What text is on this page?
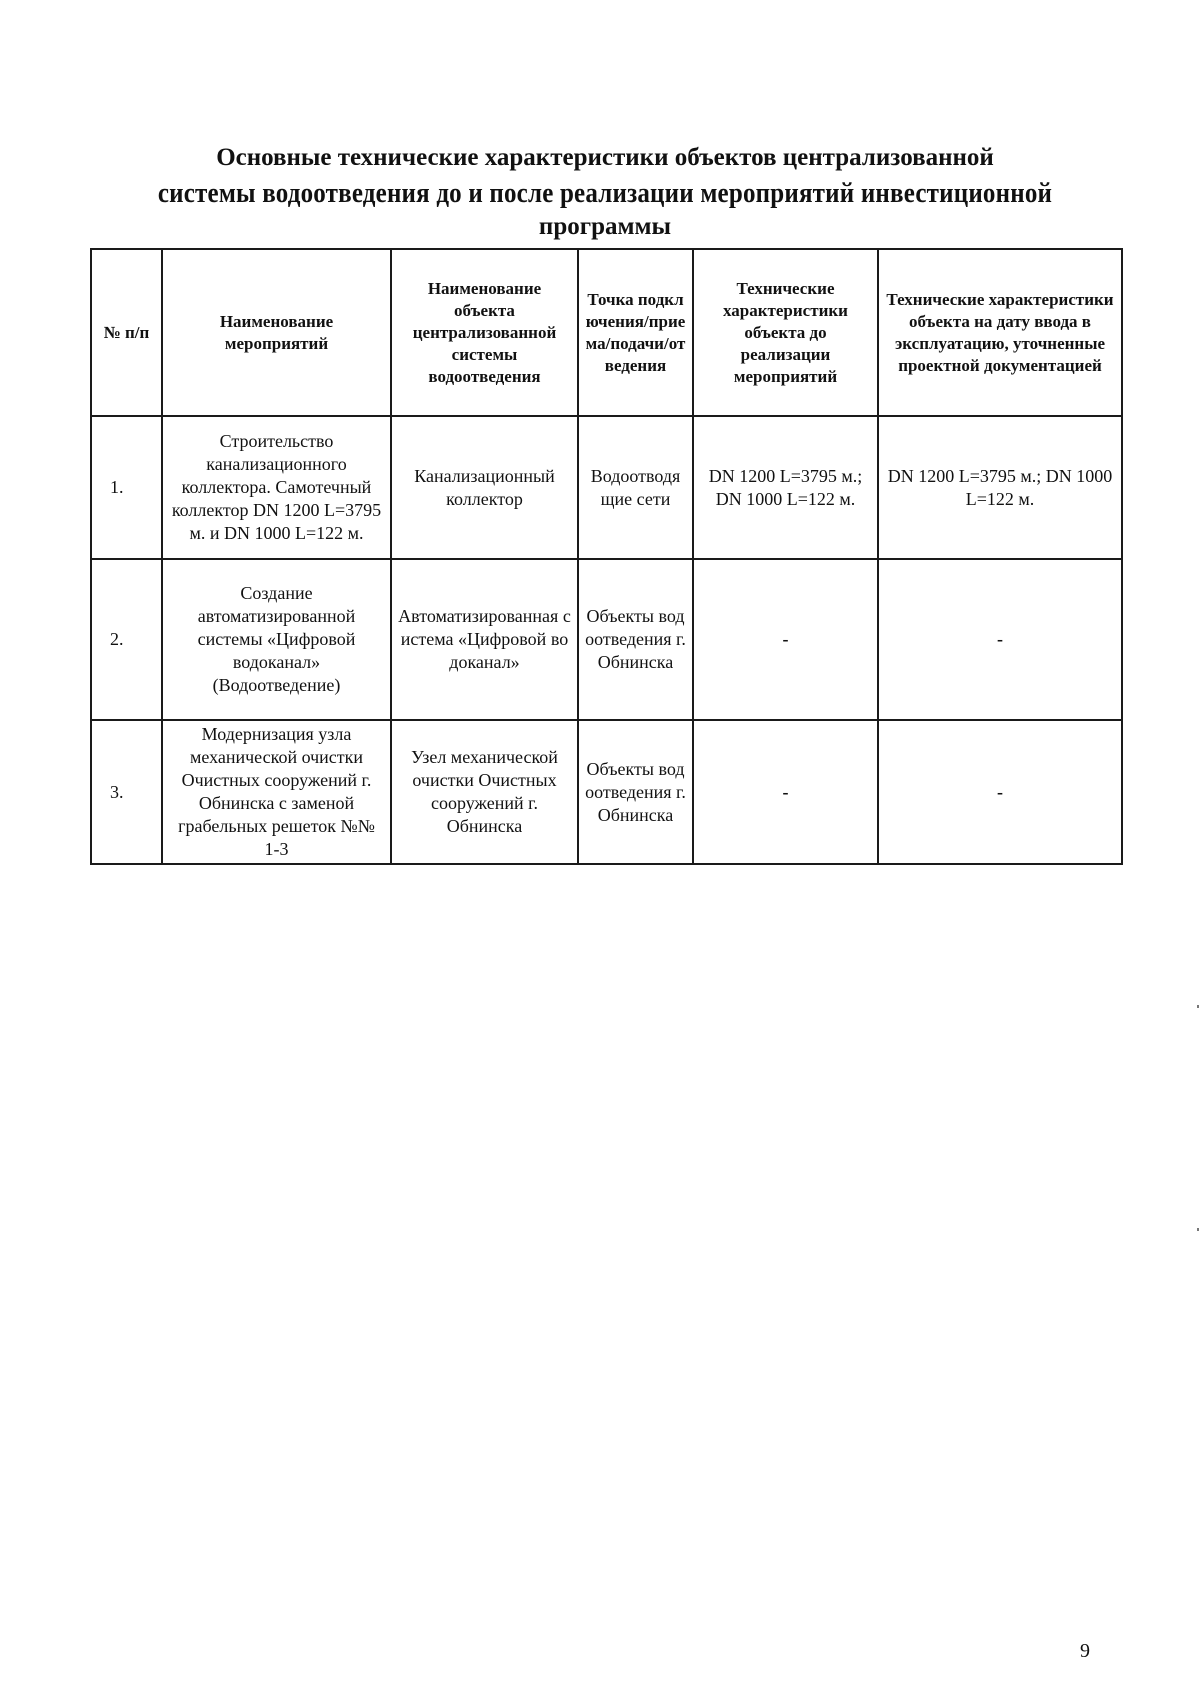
Основные технические характеристики объектов централизованной
системы водоотведения до и после реализации мероприятий инвестиционной
программы
№ п/п	Наименование мероприятий	Наименование объекта централизованной системы водоотведения	Точка подключения/приема/подачи/отведения	Технические характеристики объекта до реализации мероприятий	Технические характеристики объекта на дату ввода в эксплуатацию, уточненные проектной документацией
1.	Строительство канализационного коллектора. Самотечный коллектор DN 1200 L=3795 м. и DN 1000 L=122 м.	Канализационный коллектор	Водоотводящие сети	DN 1200 L=3795 м.; DN 1000 L=122 м.	DN 1200 L=3795 м.; DN 1000 L=122 м.
2.	Создание автоматизированной системы «Цифровой водоканал» (Водоотведение)	Автоматизированная система «Цифровой водоканал»	Объекты водоотведения г. Обнинска	-	-
3.	Модернизация узла механической очистки Очистных сооружений г. Обнинска с заменой грабельных решеток №№ 1-3	Узел механической очистки Очистных сооружений г. Обнинска	Объекты водоотведения г. Обнинска	-	-
9
